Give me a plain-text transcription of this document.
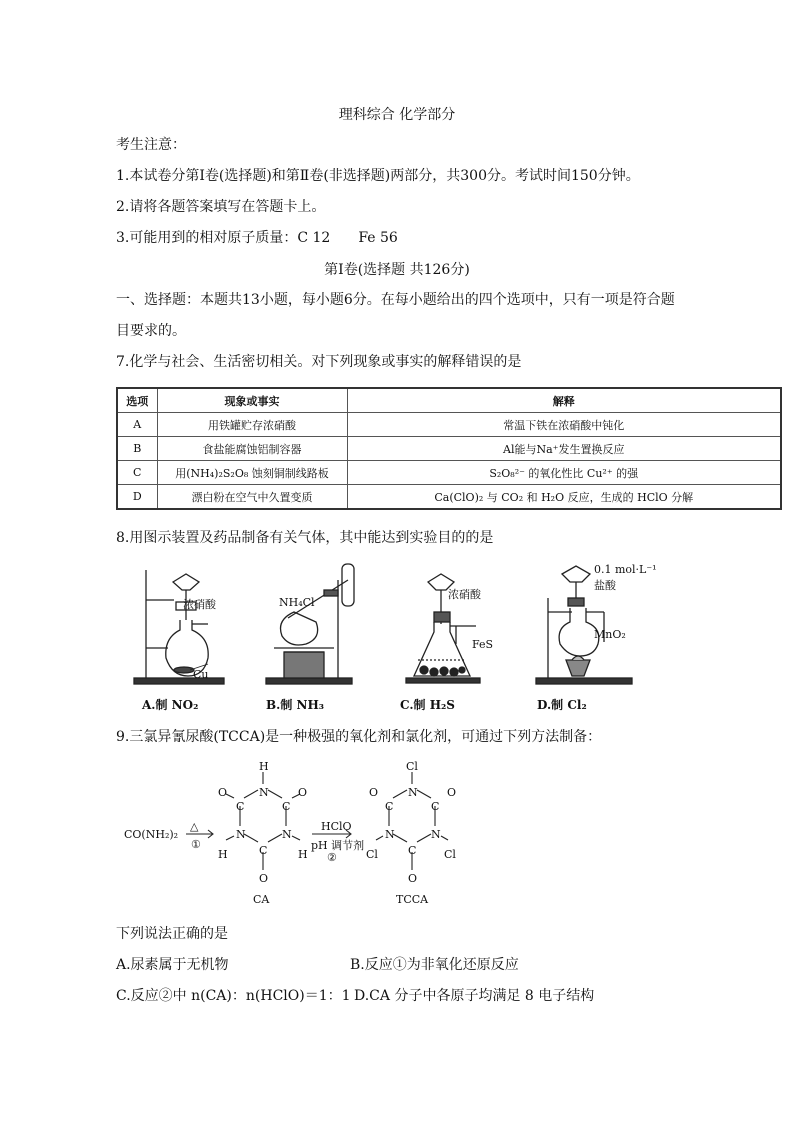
理科综合 化学部分
考生注意：
1.本试卷分第Ⅰ卷(选择题)和第Ⅱ卷(非选择题)两部分，共300分。考试时间150分钟。
2.请将各题答案填写在答题卡上。
3.可能用到的相对原子质量：C 12　　Fe 56
第Ⅰ卷(选择题 共126分)
一、选择题：本题共13小题，每小题6分。在每小题给出的四个选项中，只有一项是符合题
目要求的。
7.化学与社会、生活密切相关。对下列现象或事实的解释错误的是
选项	现象或事实	解释
A	用铁罐贮存浓硝酸	常温下铁在浓硝酸中钝化
B	食盐能腐蚀铝制容器	Al能与Na⁺发生置换反应
C	用(NH₄)₂S₂O₈ 蚀刻铜制线路板	S₂O₈²⁻ 的氧化性比 Cu²⁺ 的强
D	漂白粉在空气中久置变质	Ca(ClO)₂ 与 CO₂ 和 H₂O 反应，生成的 HClO 分解
8.用图示装置及药品制备有关气体，其中能达到实验目的的是
浓硝酸
Cu
NH₄Cl
浓硝酸
FeS
0.1 mol·L⁻¹
盐酸
MnO₂
A.制 NO₂	B.制 NH₃	C.制 H₂S	D.制 Cl₂
9.三氯异氰尿酸(TCCA)是一种极强的氧化剂和氯化剂，可通过下列方法制备：
CO(NH₂)₂
△
①
H
N
C	C
O	O
N	N
H	H
C
O
CA
HClO
pH 调节剂
②
Cl
N
C	C
O	O
N	N
Cl	Cl
C
O
TCCA
下列说法正确的是
A.尿素属于无机物	B.反应①为非氧化还原反应
C.反应②中 n(CA)：n(HClO)＝1：1 D.CA 分子中各原子均满足 8 电子结构
